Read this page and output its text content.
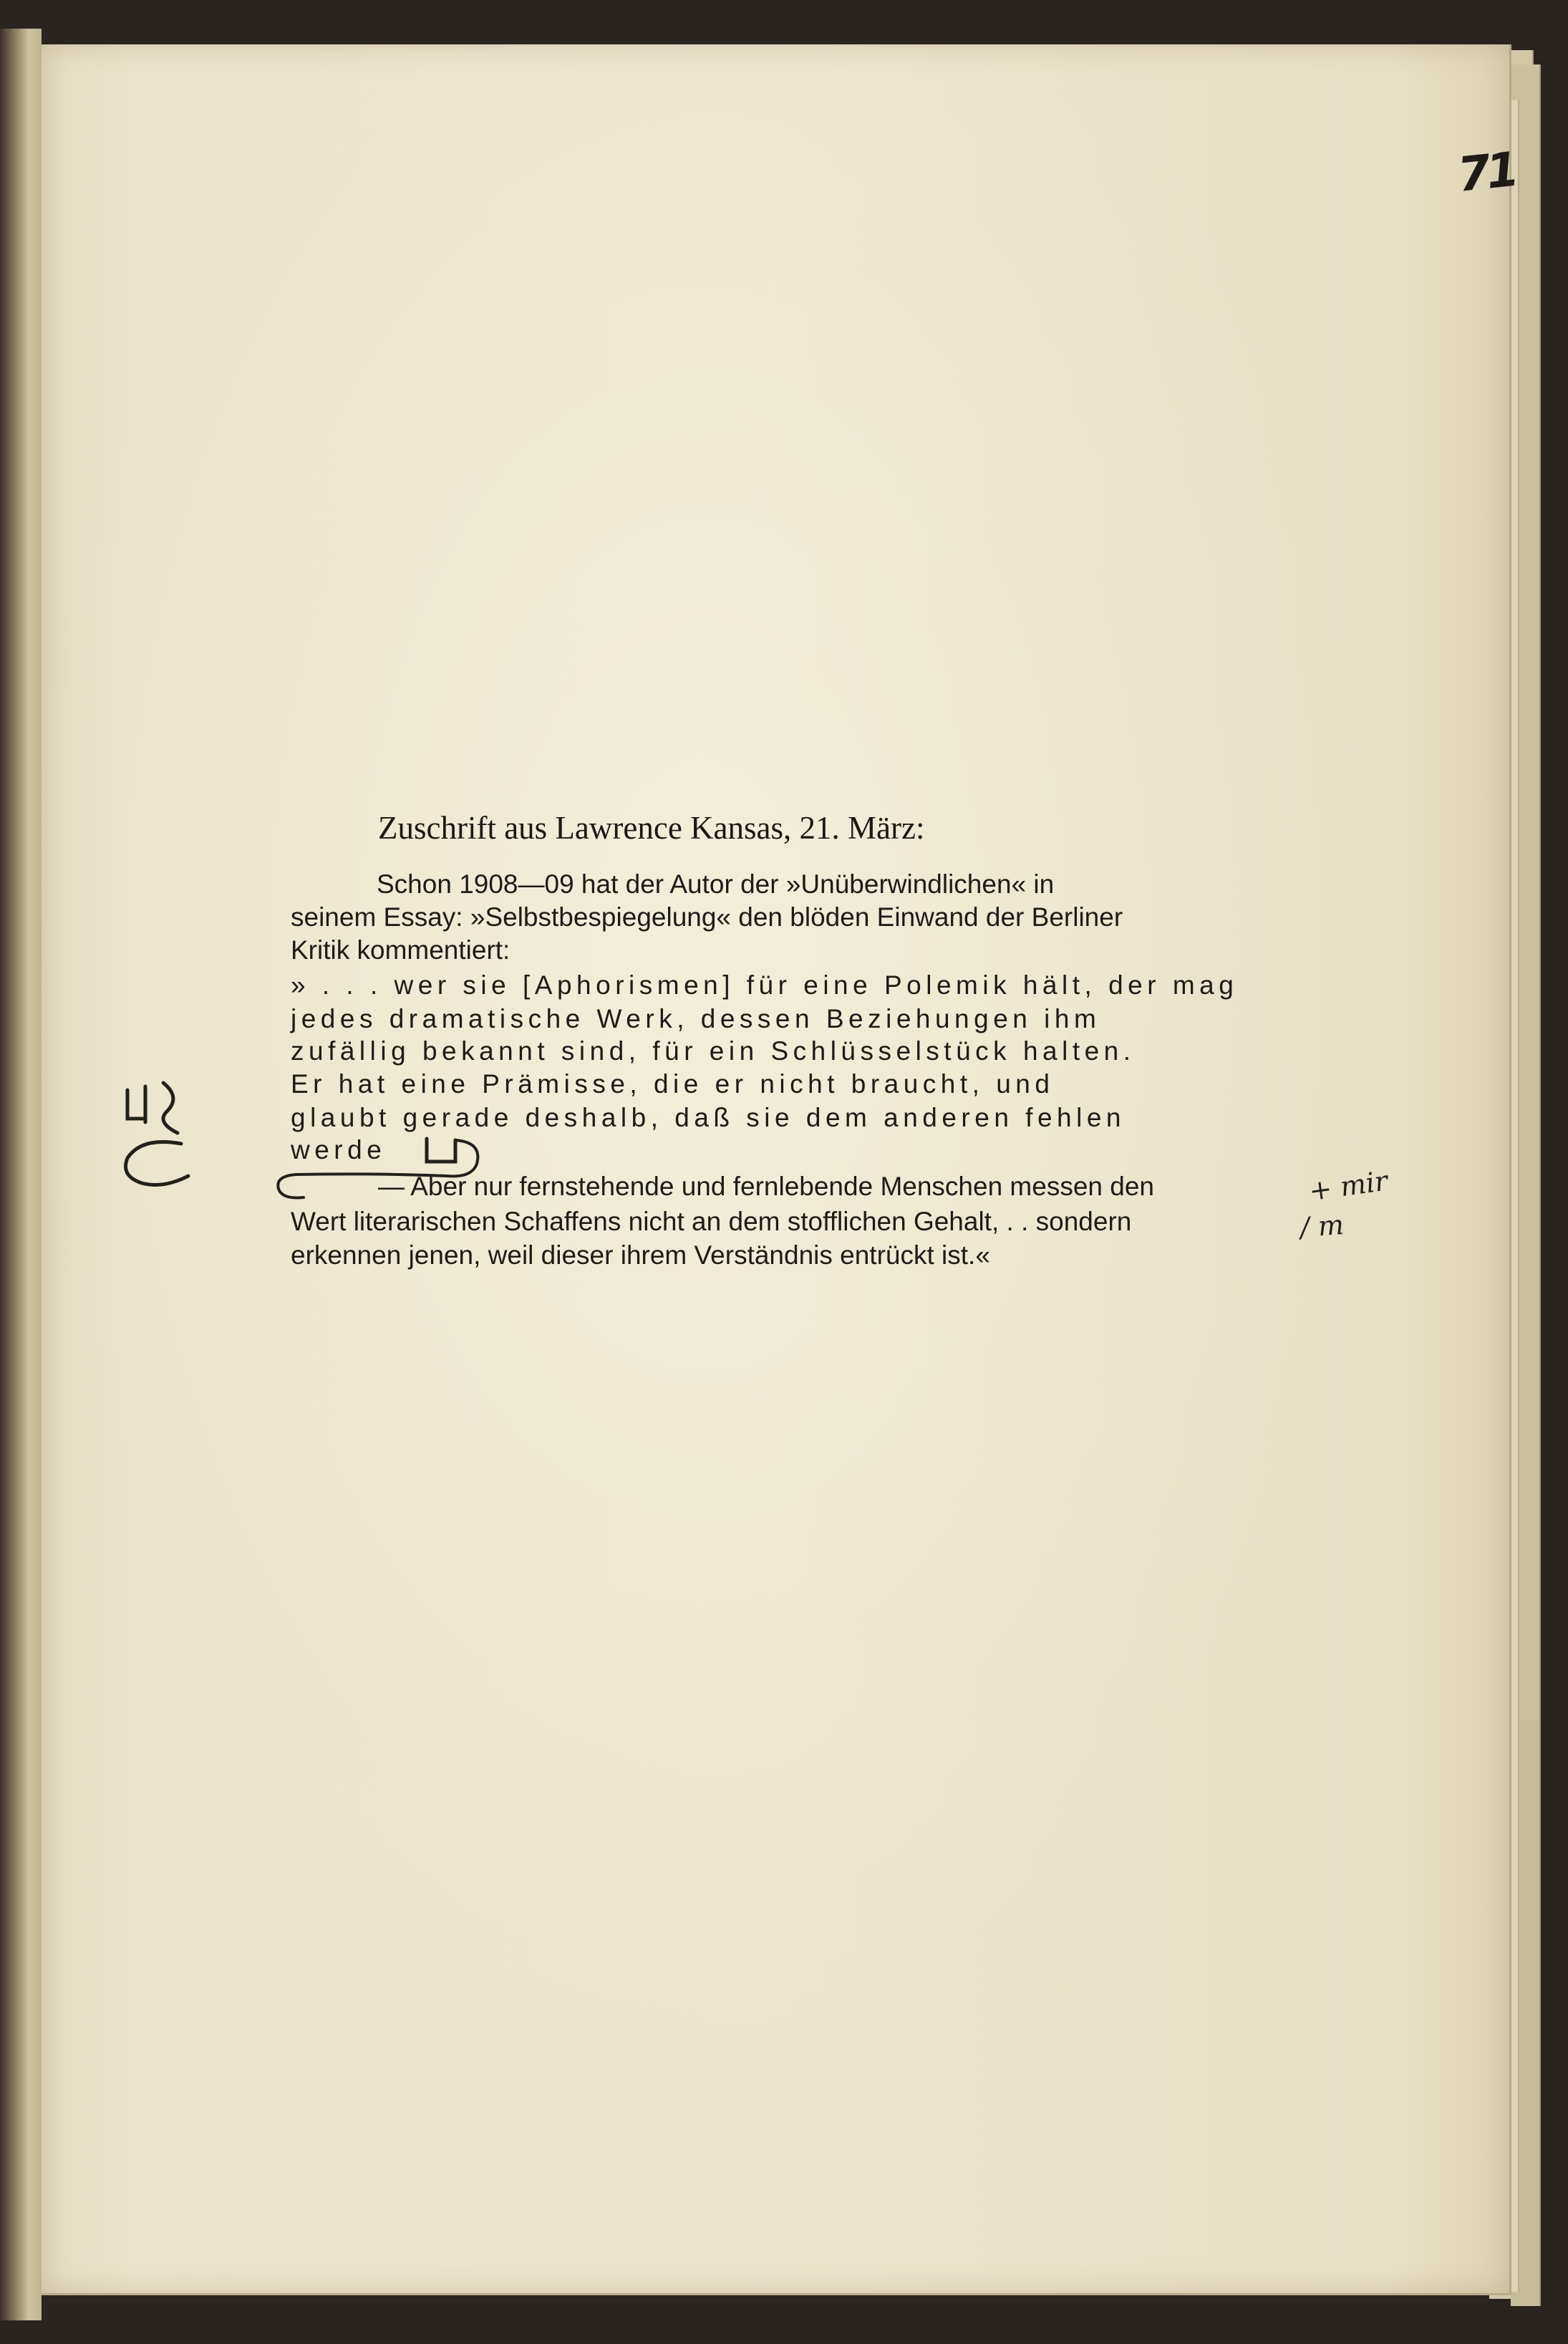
71
Zuschrift aus Lawrence Kansas, 21. März:
Schon 1908—09 hat der Autor der »Unüberwindlichen« in
seinem Essay: »Selbstbespiegelung« den blöden Einwand der Berliner
Kritik kommentiert:
» . . . wer sie [Aphorismen] für eine Polemik hält, der mag
jedes dramatische Werk, dessen Beziehungen ihm
zufällig bekannt sind, für ein Schlüsselstück halten.
Er hat eine Prämisse, die er nicht braucht, und
glaubt gerade deshalb, daß sie dem anderen fehlen
werde
— Aber nur fernstehende und fernlebende Menschen messen den
Wert literarischen Schaffens nicht an dem stofflichen Gehalt, . . sondern
erkennen jenen, weil dieser ihrem Verständnis entrückt ist.«
+ mir
/ m
